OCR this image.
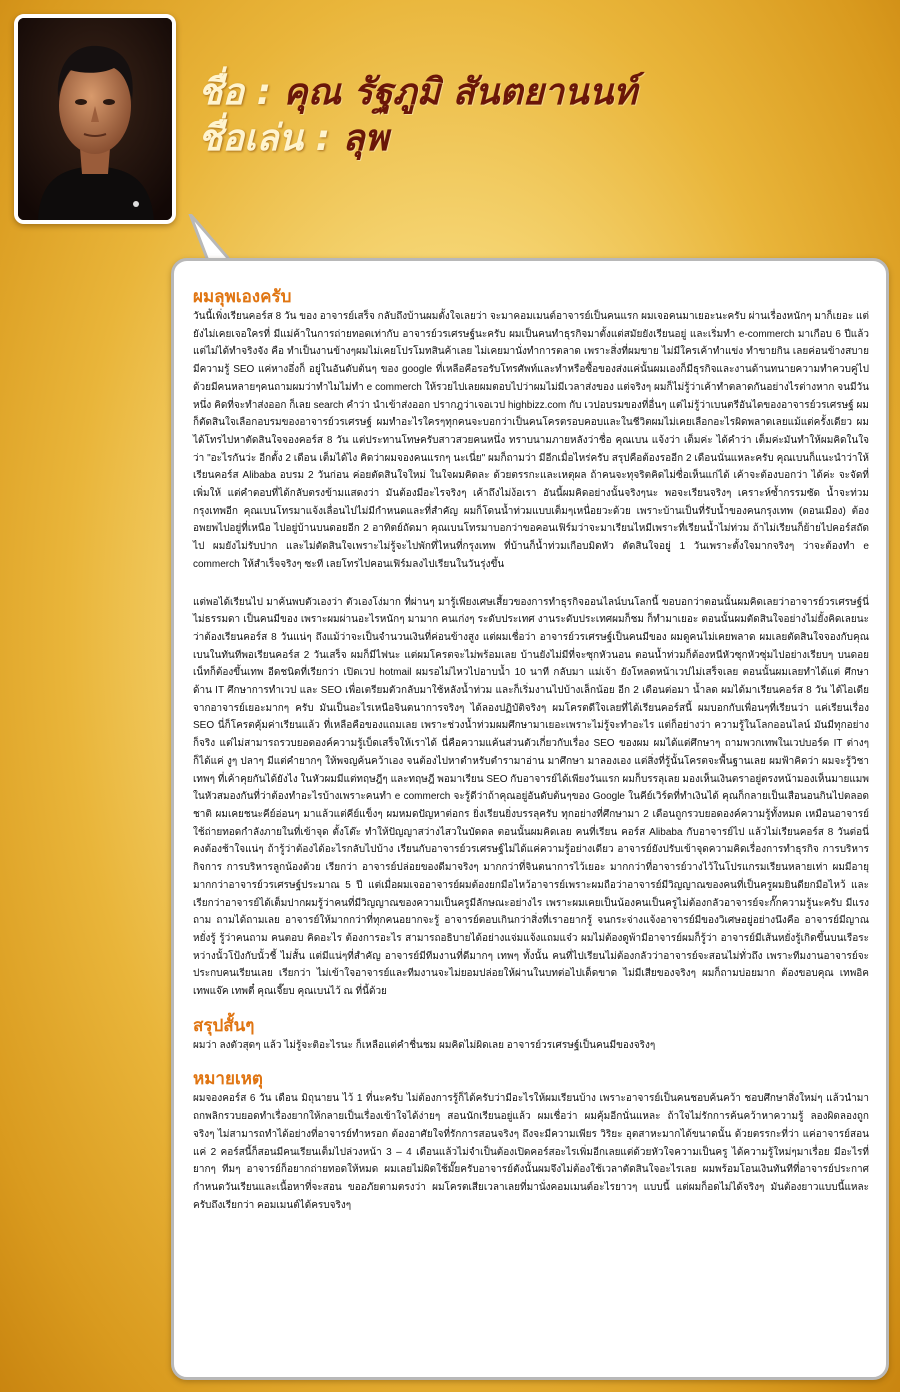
ชื่อ : คุณ รัฐภูมิ สันตยานนท์
ชื่อเล่น : ลุพ
ผมลุพเองครับ

วันนี้เพิ่งเรียนคอร์ส 8 วัน ของ อาจารย์เสร็จ กลับถึงบ้านผมตั้งใจเลยว่า จะมาคอมเมนต์อาจารย์เป็นคนแรก ผมเจอคนมาเยอะนะครับ ผ่านเรื่องหนักๆ มาก็เยอะ แต่ยังไม่เคยเจอใครที่ มีแม่ค้าในการถ่ายทอดเท่ากับ อาจารย์วรเศรษฐ์นะครับ ผมเป็นคนทำธุรกิจมาตั้งแต่สมัยยังเรียนอยู่ และเริ่มทำ e-commerch มาเกือบ 6 ปีแล้ว แต่ไม่ได้ทำจริงจัง คือ ทำเป็นงานข้างๆผมไม่เคยโปรโมทสินค้าเลย ไม่เคยมานั่งทำการตลาด เพราะสิ่งที่ผมขาย ไม่มีใครเค้าทำแข่ง ทำขายกิน เลยค่อนข้างสบาย มีความรู้ SEO แค่หางอึ่งก็ อยู่ในอันดับต้นๆ ของ google ที่เหลือคือรอรับโทรศัพท์และทำหรือซื้อของส่งแค่นั้นผมเองก็มีธุรกิจและงานด้านทนายความทำควบคู่ไปด้วยมีคนหลายๆคนถามผมว่าทำไมไม่ทำ e commerch ให้รวยไปเลยผมตอบไปว่าผมไม่มีเวลาส่งของ แต่จริงๆ ผมก็ไม่รู้ว่าเค้าทำตลาดกันอย่างไรต่างหาก จนมีวันหนึ่ง คิดที่จะทำส่งออก ก็เลย search คำว่า นำเข้าส่งออก ปรากฎว่าเจอเวป highbizz.com กับ เวปอบรมของที่อื่นๆ แต่ไม่รู้ว่าเบนตรีอันไดของอาจารย์วรเศรษฐ์ ผมก็ตัดสินใจเลือกอบรมของอาจารย์วรเศรษฐ์ ผมทำอะไรใครๆทุกคนจะบอกว่าเป็นคนโครตรอบคอบและในชีวิตผมไม่เคยเลือกอะไรผิดพลาดเลยแม้แต่ครั้งเดียว ผมได้โทรไปหาตัดสินใจจองคอร์ส 8 วัน แต่ประทานโทษครับสาวสวยคนหนึ่ง ทราบนามภายหลังว่าชื่อ คุณเบน แจ้งว่า เต็มค่ะ ได้คำว่า เต็มค่ะมันทำให้ผมคิดในใจว่า "อะไรกันว่ะ อีกตั้ง 2 เดือน เต็มได้ไง คิดว่าผมจองคนแรกๆ นะเนี่ย" ผมก็ถามว่า มีอีกเมื่อไหร่ครับ สรุปคือต้องรออีก 2 เดือนนั่นแหละครับ คุณเบนก็แนะนำว่าให้เรียนคอร์ส Alibaba อบรม 2 วันก่อน ค่อยตัดสินใจใหม่ ในใจผมคิดละ ด้วยตรรกะและเหตุผล ถ้าคนจะทุจริตคิดไม่ซื่อเห็นแก่ได้ เค้าจะต้องบอกว่า ได้ค่ะ จะจัดที่เพิ่มให้ แต่คำตอบที่ได้กลับตรงข้ามแสดงว่า มันต้องมีอะไรจริงๆ เค้าถึงไม่ง้อเรา อันนี้ผมคิดอย่างนั้นจริงๆนะ พอจะเรียนจริงๆ เคราะห์ซ้ำกรรมซัด น้ำจะท่วมกรุงเทพอีก คุณเบนโทรมาแจ้งเลื่อนไปไม่มีกำหนดและที่สำคัญ ผมก็โดนน้ำท่วมแบบเต็มๆเหนื่อยวะด้วย เพราะบ้านเป็นที่รับน้ำของคนกรุงเทพ (ดอนเมือง) ต้องอพยพไปอยู่ที่เหนือ ไปอยู่บ้านบนดอยอีก 2 อาทิตย์ถัดมา คุณเบนโทรมาบอกว่าขอคอนเฟิร์มว่าจะมาเรียนไหมีเพราะที่เรียนน้ำไม่ท่วม ถ้าไม่เรียนก็ย้ายไปคอร์สถัดไป ผมยังไม่รับปาก และไม่ตัดสินใจเพราะไม่รู้จะไปพักที่ไหนที่กรุงเทพ ที่บ้านก็น้ำท่วมเกือบมิดหัว ตัดสินใจอยู่ 1 วันเพราะตั้งใจมากจริงๆ ว่าจะต้องทำ e commerch ให้สำเร็จจริงๆ ซะที เลยโทรไปคอนเฟิร์มลงไปเรียนในวันรุ่งขึ้น

แต่พอได้เรียนไป มาค้นพบตัวเองว่า ตัวเองโง่มาก ที่ผ่านๆ มารู้เพียงเศษเสี้ยวของการทำธุรกิจออนไลน์บนโลกนี้ ขอบอกว่าตอนนั้นผมคิดเลยว่าอาจารย์วรเศรษฐ์นี่ไม่ธรรมดา เป็นคนมีของ เพราะผมผ่านอะไรหนักๆ มามาก คนเก่งๆ ระดับประเทศ งานระดับประเทศผมก็ชม ก็ทำมาเยอะ ตอนนั้นผมตัดสินใจอย่างไม่ยั้งคิดเลยนะ ว่าต้องเรียนคอร์ส 8 วันแน่ๆ ถึงแม้ว่าจะเป็นจำนวนเงินที่ค่อนข้างสูง แต่ผมเชื่อว่า อาจารย์วรเศรษฐ์เป็นคนมีของ ผมดูคนไม่เคยพลาด ผมเลยตัดสินใจจองกับคุณเบนในทันทีพอเรียนคอร์ส 2 วันเสร็จ ผมก็มีไฟนะ แต่ผมโครตจะไม่พร้อมเลย บ้านยังไม่มีที่จะซุกหัวนอน ตอนน้ำท่วมก็ต้องหนีหัวซุกหัวซุ่มไปอย่างเรียบๆ บนดอยเน็ทก็ต้องขึ้นเทพ อีดชนิดที่เรียกว่า เปิดเวป hotmail ผมรอไม่ไหวไปอาบน้ำ 10 นาที กลับมา แม่เจ้า ยังโหลดหน้าเวปไม่เสร็จเลย ตอนนั้นผมเลยทำได้แต่ ศึกษาด้าน IT ศึกษาการทำเวป และ SEO เพื่อเตรียมตัวกลับมาใช้หลังน้ำท่วม และก็เริ่มงานไปบ้างเล็กน้อย อีก 2 เดือนต่อมา น้ำลด ผมได้มาเรียนคอร์ส 8 วัน ได้ไอเดียจากอาจารย์เยอะมากๆ ครับ มันเป็นอะไรเหนือจินตนาการจริงๆ ได้ลองปฏิบัติจริงๆ ผมโครตดีใจเลยที่ได้เรียนคอร์สนี้ ผมบอกกับเพื่อนๆที่เรียนว่า แค่เรียนเรื่อง SEO นี่ก็โครตคุ้มค่าเรียนแล้ว ที่เหลือคือของแถมเลย เพราะช่วงน้ำท่วมผมศึกษามาเยอะเพราะไม่รู้จะทำอะไร แต่ก็อย่างว่า ความรู้ในโลกออนไลน์ มันมีทุกอย่างก็จริง แต่ไม่สามารถรวบยอดองค์ความรู้เบ็ดเสร็จให้เราได้ นี่คือความแค้นส่วนตัวเกี่ยวกับเรื่อง SEO ของผม ผมได้แต่ศึกษาๆ ถามพวกเทพในเวปบอร์ด IT ต่างๆ ก็ได้แค่ งูๆ ปลาๆ มีแต่คำยากๆ ให้พจญค้นคว้าเอง จนต้องไปหาตำหรับตำรามาอ่าน มาศึกษา มาลองเอง แต่สิ่งที่รู้นั้นโครตจะพื้นฐานเลย ผมฟ้าคิดว่า ผมจะรู้วิชาเทพๆ ที่เค้าคุยกันได้ยังไง ในหัวผมมีแต่ทฤษฎีๆ และทฤษฎี พอมาเรียน SEO กับอาจารย์ได้เพียงวันแรก ผมก็บรรลุเลย มองเห็นเงินตราอยู่ตรงหน้ามองเห็นมายแมพในหัวสมองกันที่ว่าต้องทำอะไรบ้างเพราะคนทำ e commerch จะรู้ดีว่าถ้าคุณอยู่อันดับต้นๆของ Google ในคีย์เวิร์ดที่ทำเงินได้ คุณก็กลายเป็นเสือนอนกินไปตลอดชาติ ผมเคยชนะคีย์อ่อนๆ มาแล้วแต่คีย์แข็งๆ ผมหมดปัญหาต่อกร ยิ่งเรียนยิ่งบรรลุครับ ทุกอย่างที่ศึกษามา 2 เดือนถูกรวบยอดองค์ความรู้ทั้งหมด เหมือนอาจารย์ใช้ถ่ายทอดกำลังภายในที่เข้าจุด ตั้งโต๊ะ ทำให้ปัญญาสว่างไสวในบัดดล ตอนนั้นผมคิดเลย คนที่เรียน คอร์ส Alibaba กับอาจารย์ไป แล้วไม่เรียนคอร์ส 8 วันต่อนี่ คงต้องช้าใจแน่ๆ ถ้ารู้ว่าต้องได้อะไรกลับไปบ้าง เรียนกับอาจารย์วรเศรษฐ์ไม่ได้แค่ความรู้อย่างเดียว อาจารย์ยังปรับเข้าจุดความคิดเรื่องการทำธุรกิจ การบริหารกิจการ การบริหารลูกน้องด้วย เรียกว่า อาจารย์ปล่อยของดีมาจริงๆ มากกว่าที่จินตนาการไว้เยอะ มากกว่าที่อาจารย์วางไว้ในโปรแกรมเรียนหลายเท่า ผมมีอายุมากกว่าอาจารย์วรเศรษฐ์ประมาณ 5 ปี แต่เมื่อผมเจออาจารย์ผมต้องยกมือไหว้อาจารย์เพราะผมถือว่าอาจารย์มีวิญญาณของคนที่เป็นครูผมยินดียกมือไหว้ และเรียกว่าอาจารย์ได้เต็มปากผมรู้ว่าคนที่มีวิญญาณของความเป็นครูมีลักษณะอย่างไร เพราะผมเคยเป็นน้องคนเป็นครูไม่ต้องกลัวอาจารย์จะกั๊กความรู้นะครับ มีแรงถาม ถามได้ถามเลย อาจารย์ให้มากกว่าที่ทุกคนอยากจะรู้ อาจารย์ตอบเกินกว่าสิ่งที่เราอยากรู้ จนกระจ่างแจ้งอาจารย์มีของวิเศษอยู่อย่างนึงคือ อาจารย์มีญาณหยั่งรู้ รู้ว่าคนถาม คนตอบ คิดอะไร ต้องการอะไร สามารถอธิบายได้อย่างแจ่มแจ้งแถมแจ๋ว ผมไม่ต้องดูพ้ามีอาจารย์ผมก็รู้ว่า อาจารย์มีเส้นหยั่งรู้เกิดขึ้นบนเรือระหว่างนั้วโป้งกับนั้วชี้ ไม่สั้น แต่มีแน่ๆที่สำคัญ อาจารย์มีทีมงานที่ดีมากๆ เทพๆ ทั้งนั้น คนที่ไปเรียนไม่ต้องกลัวว่าอาจารย์จะสอนไม่ทั่วถึง เพราะทีมงานอาจารย์จะประกบคนเรียนเลย เรียกว่า ไม่เข้าใจอาจารย์และทีมงานจะไม่ยอมปล่อยให้ผ่านในบทต่อไปเด็ดขาด ไม่มีเสียของจริงๆ ผมก็ถามบ่อยมาก ต้องขอบคุณ เทพอิค เทพแจ๊ค เทพตี๋ คุณเจี๊ยบ คุณเบนไว้ ณ ที่นี้ด้วย

สรุปสั้นๆ

ผมว่า ลงตัวสุดๆ แล้ว ไม่รู้จะติอะไรนะ ก็เหลือแต่คำชื่นชม ผมคิดไม่ผิดเลย อาจารย์วรเศรษฐ์เป็นคนมีของจริงๆ

หมายเหตุ

ผมจองคอร์ส 6 วัน เดือน มิถุนายน ไว้ 1 ที่นะครับ ไม่ต้องการรู้ก็ได้ครับว่ามีอะไรให้ผมเรียนบ้าง เพราะอาจารย์เป็นคนชอบค้นคว้า ชอบศึกษาสิ่งใหม่ๆ แล้วนำมาถกพลิกรวบยอดทำเรื่องยากให้กลายเป็นเรื่องเข้าใจได้ง่ายๆ สอนนักเรียนอยู่แล้ว ผมเชื่อว่า ผมคุ้มอีกนั่นแหละ ถ้าใจไม่รักการค้นคว้าหาความรู้ ลองผิดลองถูกจริงๆ ไม่สามารถทำได้อย่างที่อาจารย์ทำหรอก ต้องอาศัยใจที่รักการสอนจริงๆ ถึงจะมีความเพียร วิริยะ อุตสาหะมากได้ขนาดนั้น ด้วยตรรกะที่ว่า แค่อาจารย์สอนแค่ 2 คอร์สนี้ก็สอนมีคนเรียนเต็มไปล่วงหน้า 3 – 4 เดือนแล้วไม่จำเป็นต้องเปิดคอร์สอะไรเพิ่มอีกเลยแต่ด้วยหัวใจความเป็นครู ได้ความรู้ใหม่ๆมาเรื่อย มีอะไรที่ยากๆ ทีมๆ อาจารย์ก็อยากถ่ายทอดให้หมด ผมเลยไม่ผิดใช้มั๊ยครับอาจารย์ตังนั้นผมจึงไม่ต้องใช้เวลาตัดสินใจอะไรเลย ผมพร้อมโอนเงินทันทีที่อาจารย์ประกาศกำหนดวันเรียนและเนื้อหาที่จะสอน ขออภัยตามตรงว่า ผมโครตเสียเวลาเลยที่มานั่งคอมเมนต์อะไรยาวๆ แบบนี้ แต่ผมก็อดไม่ได้จริงๆ มันต้องยาวแบบนี้แหละครับถึงเรียกว่า คอมเมนต์ได้ครบจริงๆ
